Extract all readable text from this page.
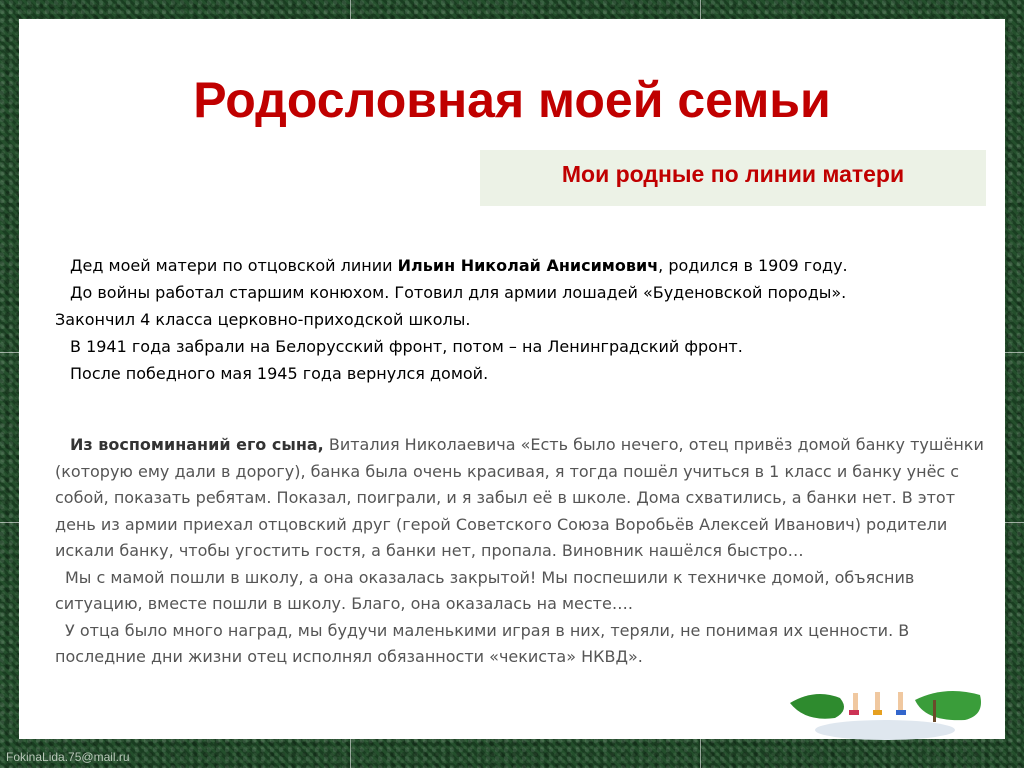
Родословная моей семьи
Мои родные по линии матери

Дед моей матери по отцовской линии Ильин Николай Анисимович, родился в 1909 году.

До войны работал старшим конюхом. Готовил для армии лошадей «Буденовской породы».

Закончил 4 класса церковно-приходской школы.

В 1941 года забрали на Белорусский фронт, потом – на Ленинградский фронт.

После победного мая 1945 года вернулся домой.

Из воспоминаний его сына, Виталия Николаевича «Есть было нечего, отец привёз домой банку тушёнки (которую ему дали в дорогу), банка была очень красивая, я тогда пошёл учиться в 1 класс и банку унёс с собой, показать ребятам. Показал, поиграли, и я забыл её в школе. Дома схватились, а банки нет. В этот день из армии приехал отцовский друг (герой Советского Союза Воробьёв Алексей Иванович) родители искали банку, чтобы угостить гостя, а банки нет, пропала. Виновник нашёлся быстро…

Мы с мамой пошли в школу, а она оказалась закрытой! Мы поспешили к техничке домой, объяснив ситуацию, вместе пошли в школу. Благо, она оказалась на месте….

У отца было много наград, мы будучи маленькими играя в них, теряли, не понимая их ценности. В последние дни жизни отец исполнял обязанности «чекиста» НКВД».

FokinaLida.75@mail.ru
